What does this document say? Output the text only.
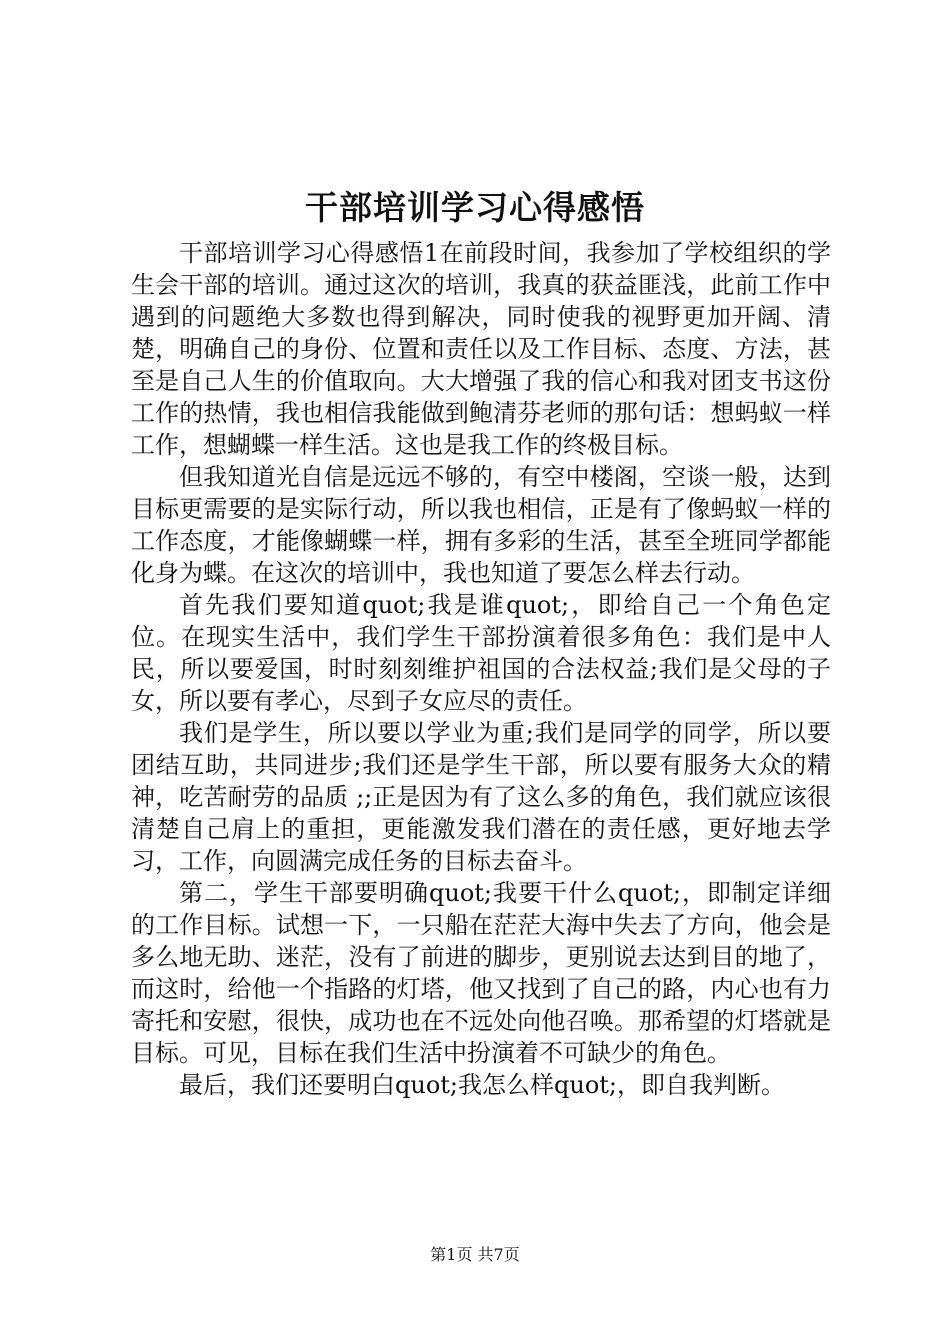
干部培训学习心得感悟

干部培训学习心得感悟1在前段时间，我参加了学校组织的学生会干部的培训。通过这次的培训，我真的获益匪浅，此前工作中遇到的问题绝大多数也得到解决，同时使我的视野更加开阔、清楚，明确自己的身份、位置和责任以及工作目标、态度、方法，甚至是自己人生的价值取向。大大增强了我的信心和我对团支书这份工作的热情，我也相信我能做到鲍清芬老师的那句话：想蚂蚁一样工作，想蝴蝶一样生活。这也是我工作的终极目标。

但我知道光自信是远远不够的，有空中楼阁，空谈一般，达到目标更需要的是实际行动，所以我也相信，正是有了像蚂蚁一样的工作态度，才能像蝴蝶一样，拥有多彩的生活，甚至全班同学都能化身为蝶。在这次的培训中，我也知道了要怎么样去行动。

首先我们要知道quot;我是谁quot;，即给自己一个角色定位。在现实生活中，我们学生干部扮演着很多角色：我们是中人民，所以要爱国，时时刻刻维护祖国的合法权益;我们是父母的子女，所以要有孝心，尽到子女应尽的责任。

我们是学生，所以要以学业为重;我们是同学的同学，所以要团结互助，共同进步;我们还是学生干部，所以要有服务大众的精神，吃苦耐劳的品质 ;;正是因为有了这么多的角色，我们就应该很清楚自己肩上的重担，更能激发我们潜在的责任感，更好地去学习，工作，向圆满完成任务的目标去奋斗。

第二，学生干部要明确quot;我要干什么quot;，即制定详细的工作目标。试想一下，一只船在茫茫大海中失去了方向，他会是多么地无助、迷茫，没有了前进的脚步，更别说去达到目的地了，而这时，给他一个指路的灯塔，他又找到了自己的路，内心也有力寄托和安慰，很快，成功也在不远处向他召唤。那希望的灯塔就是目标。可见，目标在我们生活中扮演着不可缺少的角色。

最后，我们还要明白quot;我怎么样quot;，即自我判断。

第1页 共7页
